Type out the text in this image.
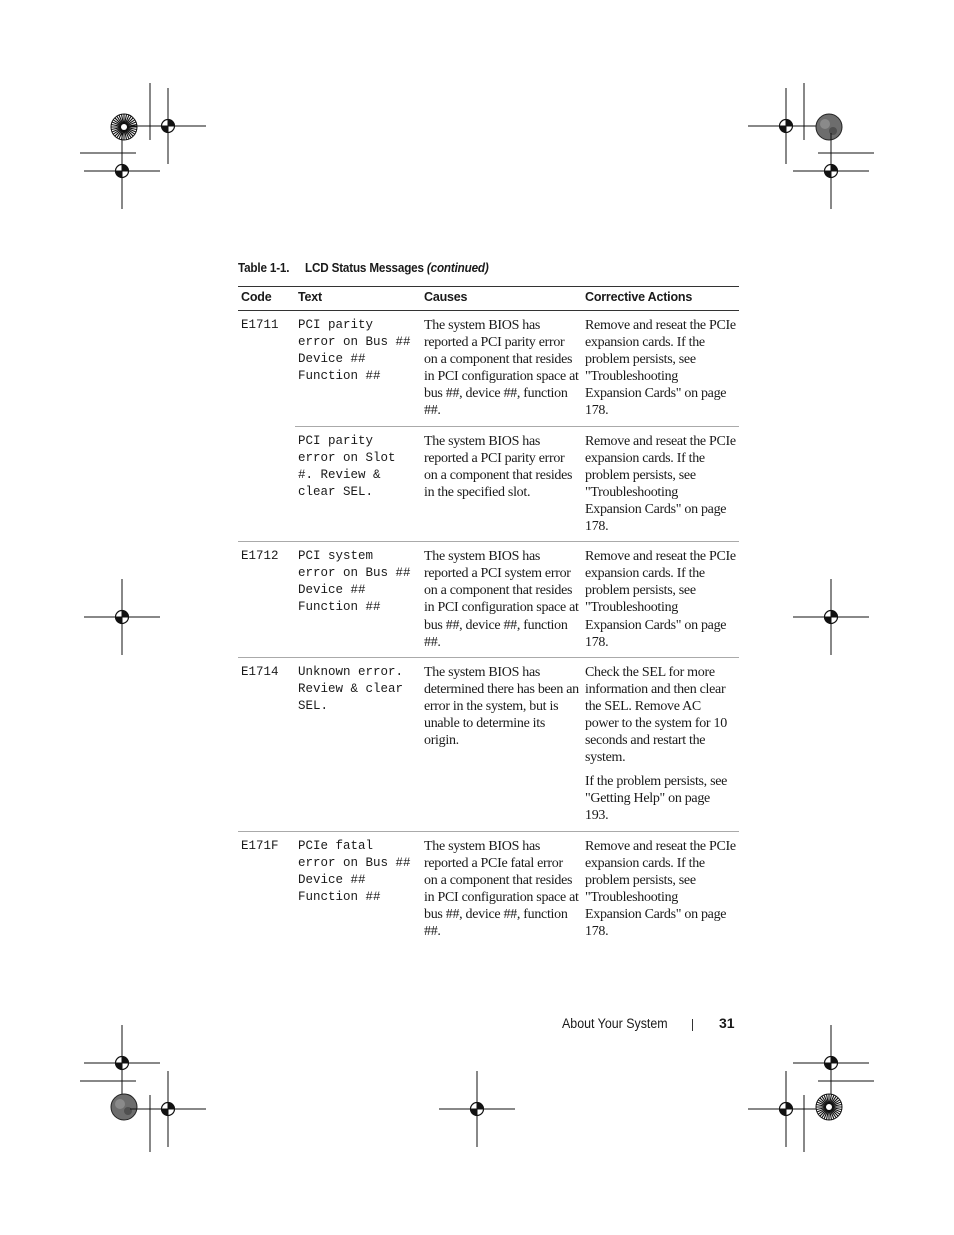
Table 1-1. LCD Status Messages (continued)
Code	Text	Causes	Corrective Actions
E1711	PCI parity error on Bus ## Device ## Function ##	The system BIOS has reported a PCI parity error on a component that resides in PCI configuration space at bus ##, device ##, function ##.	Remove and reseat the PCIe expansion cards. If the problem persists, see "Troubleshooting Expansion Cards" on page 178.
	PCI parity error on Slot #. Review & clear SEL.	The system BIOS has reported a PCI parity error on a component that resides in the specified slot.	Remove and reseat the PCIe expansion cards. If the problem persists, see "Troubleshooting Expansion Cards" on page 178.
E1712	PCI system error on Bus ## Device ## Function ##	The system BIOS has reported a PCI system error on a component that resides in PCI configuration space at bus ##, device ##, function ##.	Remove and reseat the PCIe expansion cards. If the problem persists, see "Troubleshooting Expansion Cards" on page 178.
E1714	Unknown error. Review & clear SEL.	The system BIOS has determined there has been an error in the system, but is unable to determine its origin.	Check the SEL for more information and then clear the SEL. Remove AC power to the system for 10 seconds and restart the system.
If the problem persists, see "Getting Help" on page 193.

E171F	PCIe fatal error on Bus ## Device ## Function ##	The system BIOS has reported a PCIe fatal error on a component that resides in PCI configuration space at bus ##, device ##, function ##.	Remove and reseat the PCIe expansion cards. If the problem persists, see "Troubleshooting Expansion Cards" on page 178.
About Your System	31
